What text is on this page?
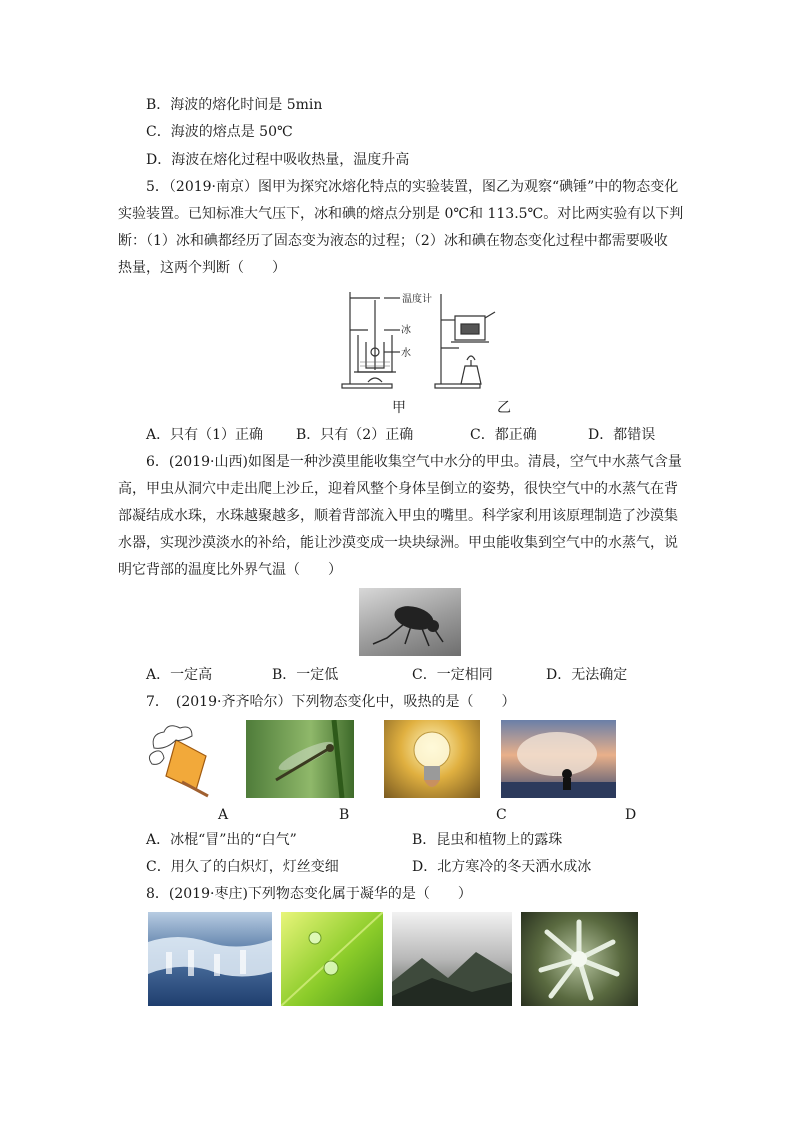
B．海波的熔化时间是 5min
C．海波的熔点是 50℃
D．海波在熔化过程中吸收热量，温度升高
5．（2019·南京）图甲为探究冰熔化特点的实验装置，图乙为观察“碘锤”中的物态变化
实验装置。已知标准大气压下，冰和碘的熔点分别是 0℃和 113.5℃。对比两实验有以下判
断：（1）冰和碘都经历了固态变为液态的过程；（2）冰和碘在物态变化过程中都需要吸收
热量，这两个判断（　　）
温度计
冰
水
甲	乙
A．只有（1）正确 B．只有（2）正确	C．都正确	D．都错误
6．(2019·山西)如图是一种沙漠里能收集空气中水分的甲虫。清晨，空气中水蒸气含量
高，甲虫从洞穴中走出爬上沙丘，迎着风整个身体呈倒立的姿势，很快空气中的水蒸气在背
部凝结成水珠，水珠越聚越多，顺着背部流入甲虫的嘴里。科学家利用该原理制造了沙漠集
水器，实现沙漠淡水的补给，能让沙漠变成一块块绿洲。甲虫能收集到空气中的水蒸气，说
明它背部的温度比外界气温（　　）
A．一定高	B．一定低	C．一定相同	D．无法确定
7．　(2019·齐齐哈尔）下列物态变化中，吸热的是（　　）
A	B	C	D
A．冰棍“冒”出的“白气”	B．昆虫和植物上的露珠
C．用久了的白炽灯，灯丝变细	D．北方寒冷的冬天洒水成冰
8．(2019·枣庄)下列物态变化属于凝华的是（　　）
